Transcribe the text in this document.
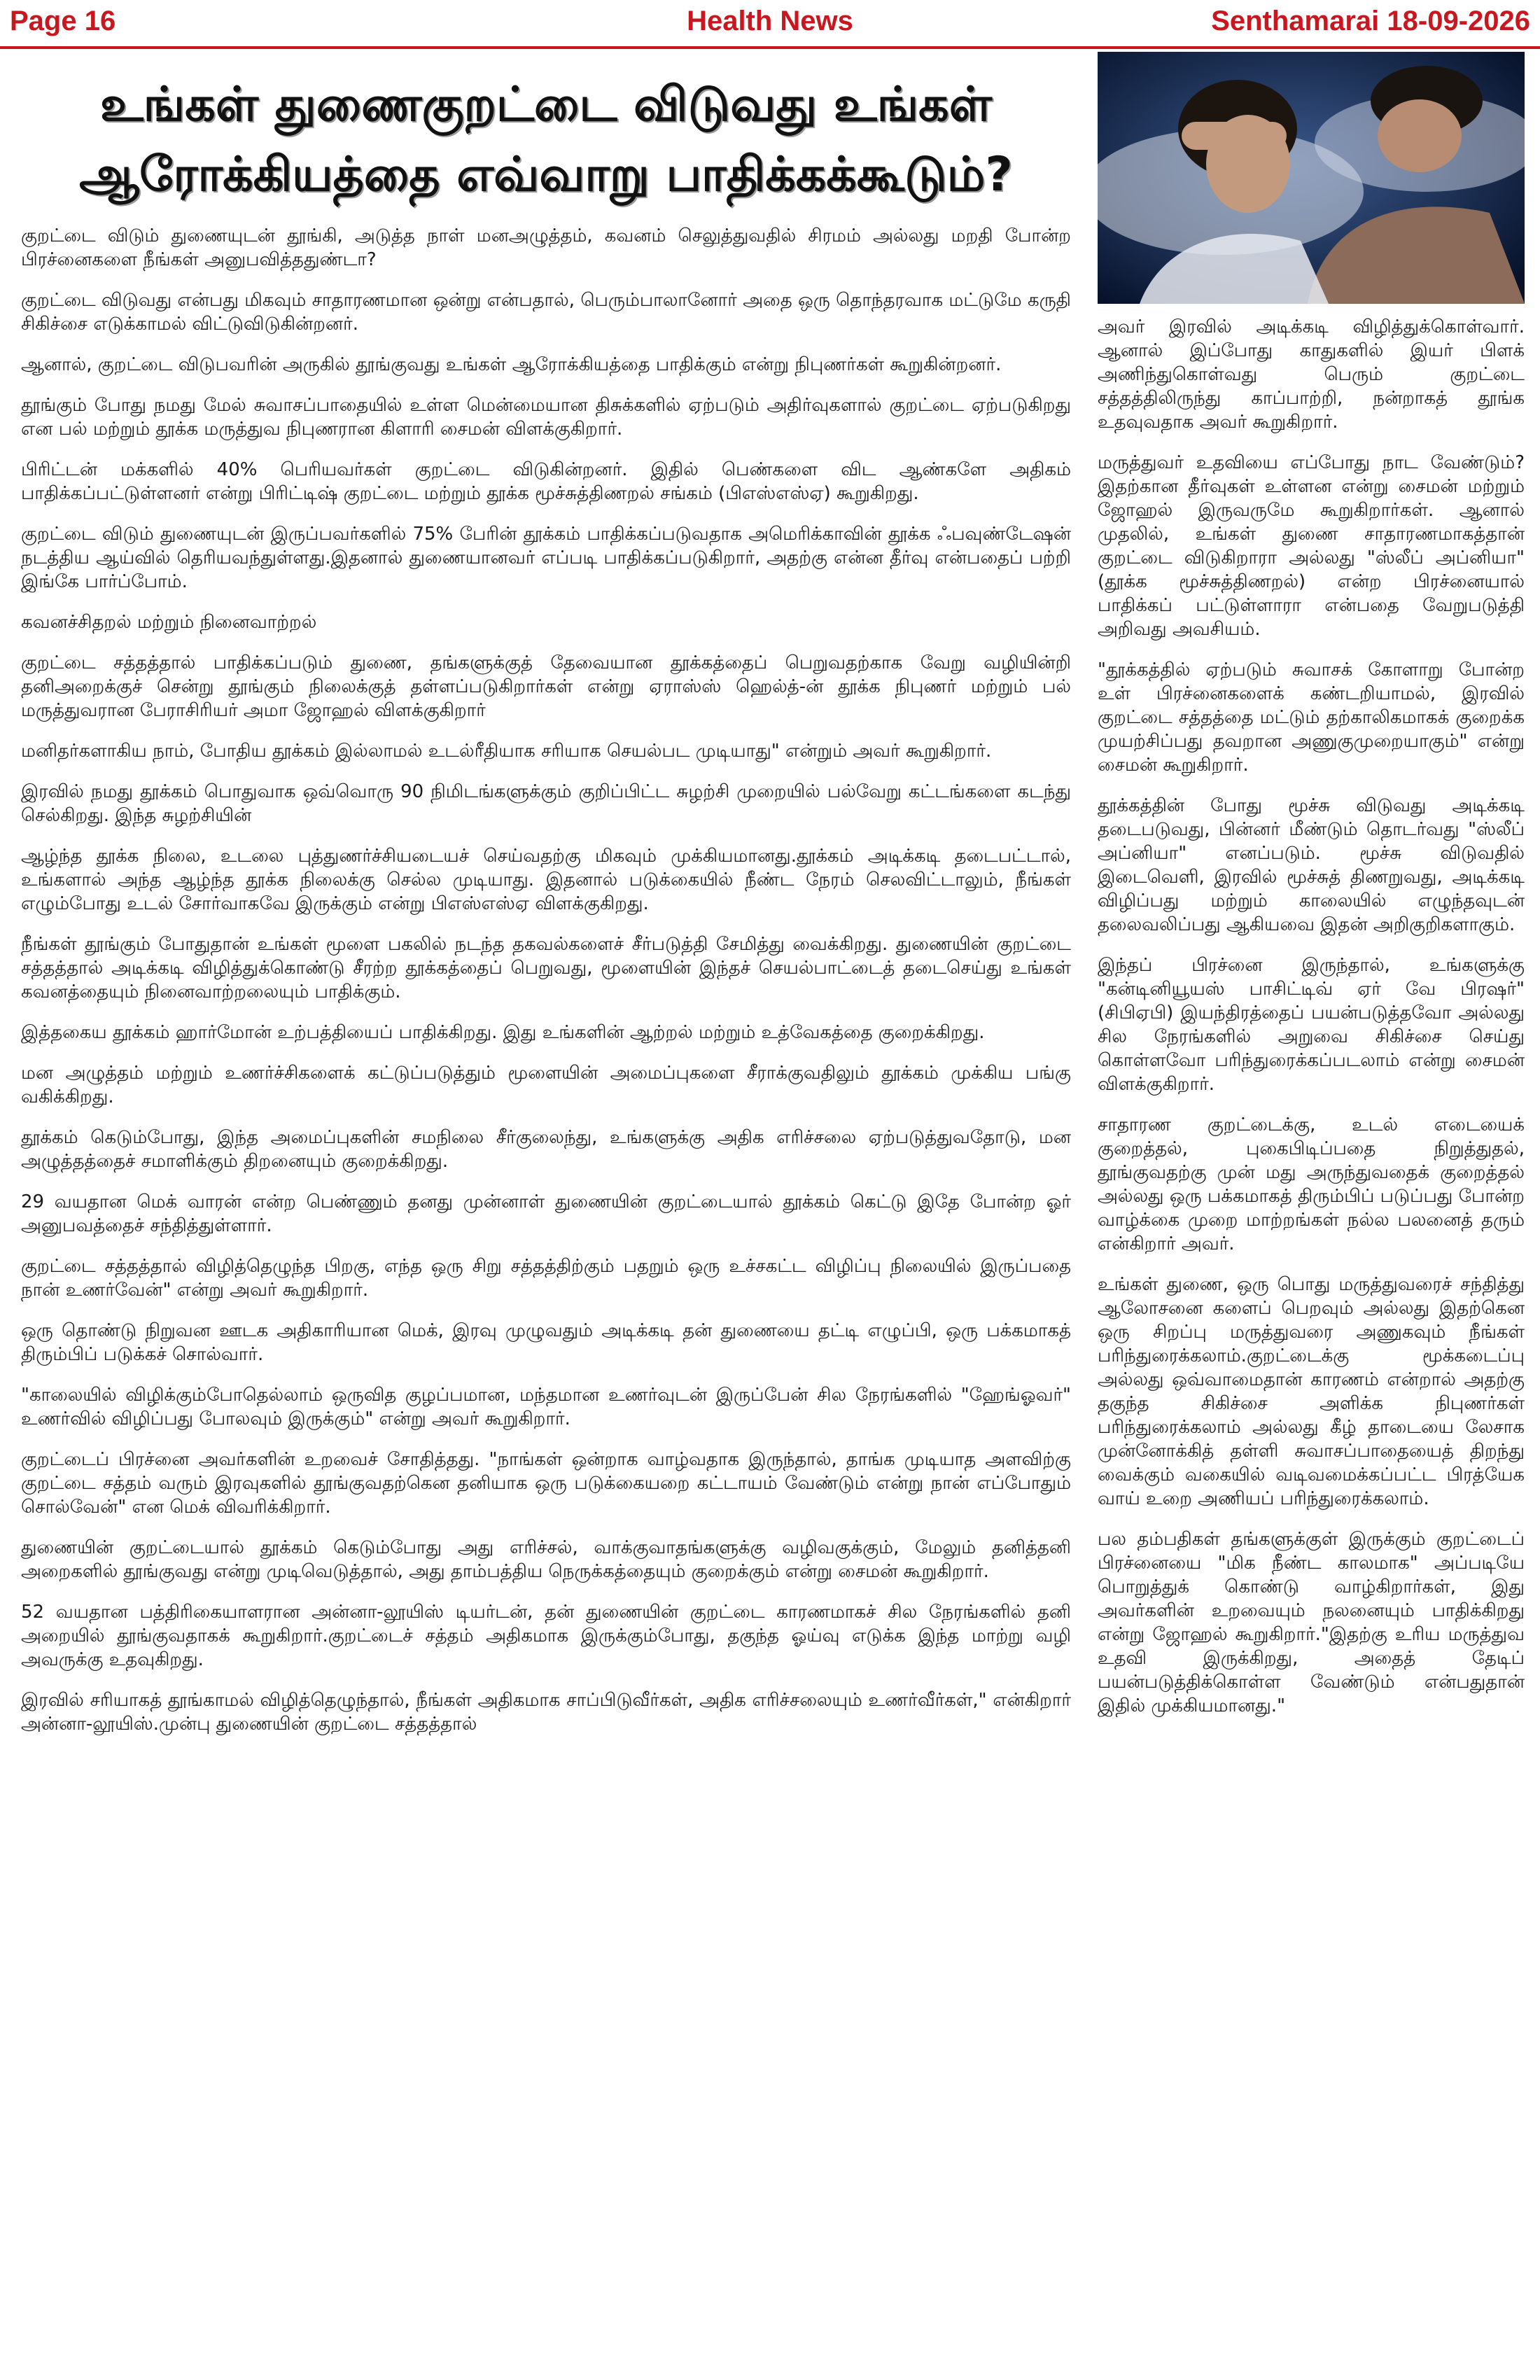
Health News
Page 16	Senthamarai 18-09-2026
உங்கள் துணைகுறட்டை விடுவது உங்கள்
ஆரோக்கியத்தை எவ்வாறு பாதிக்கக்கூடும்?

குறட்டை விடும் துணையுடன் தூங்கி, அடுத்த நாள் மனஅழுத்தம், கவனம் செலுத்துவதில் சிரமம் அல்லது மறதி போன்ற பிரச்னைகளை நீங்கள் அனுபவித்ததுண்டா?

குறட்டை விடுவது என்பது மிகவும் சாதாரணமான ஒன்று என்பதால், பெரும்பாலானோர் அதை ஒரு தொந்தரவாக மட்டுமே கருதி சிகிச்சை எடுக்காமல் விட்டுவிடுகின்றனர்.

ஆனால், குறட்டை விடுபவரின் அருகில் தூங்குவது உங்கள் ஆரோக்கியத்தை பாதிக்கும் என்று நிபுணர்கள் கூறுகின்றனர்.

தூங்கும் போது நமது மேல் சுவாசப்பாதையில் உள்ள மென்மையான திசுக்களில் ஏற்படும் அதிர்வுகளால் குறட்டை ஏற்படுகிறது என பல் மற்றும் தூக்க மருத்துவ நிபுணரான கிளாரி சைமன் விளக்குகிறார்.

பிரிட்டன் மக்களில் 40% பெரியவர்கள் குறட்டை விடுகின்றனர். இதில் பெண்களை விட ஆண்களே அதிகம் பாதிக்கப்பட்டுள்ளனர் என்று பிரிட்டிஷ் குறட்டை மற்றும் தூக்க மூச்சுத்திணறல் சங்கம் (பிஎஸ்எஸ்ஏ) கூறுகிறது.

குறட்டை விடும் துணையுடன் இருப்பவர்களில் 75% பேரின் தூக்கம் பாதிக்கப்படுவதாக அமெரிக்காவின் தூக்க ஃபவுண்டேஷன் நடத்திய ஆய்வில் தெரியவந்துள்ளது.இதனால் துணையானவர் எப்படி பாதிக்கப்படுகிறார், அதற்கு என்ன தீர்வு என்பதைப் பற்றி இங்கே பார்ப்போம்.

கவனச்சிதறல் மற்றும் நினைவாற்றல்

குறட்டை சத்தத்தால் பாதிக்கப்படும் துணை, தங்களுக்குத் தேவையான தூக்கத்தைப் பெறுவதற்காக வேறு வழியின்றி தனிஅறைக்குச் சென்று தூங்கும் நிலைக்குத் தள்ளப்படுகிறார்கள் என்று ஏராஸ்ஸ் ஹெல்த்-ன் தூக்க நிபுணர் மற்றும் பல் மருத்துவரான பேராசிரியர் அமா ஜோஹல் விளக்குகிறார்

மனிதர்களாகிய நாம், போதிய தூக்கம் இல்லாமல் உடல்ரீதியாக சரியாக செயல்பட முடியாது" என்றும் அவர் கூறுகிறார்.

இரவில் நமது தூக்கம் பொதுவாக ஒவ்வொரு 90 நிமிடங்களுக்கும் குறிப்பிட்ட சுழற்சி முறையில் பல்வேறு கட்டங்களை கடந்து செல்கிறது. இந்த சுழற்சியின்

ஆழ்ந்த தூக்க நிலை, உடலை புத்துணர்ச்சியடையச் செய்வதற்கு மிகவும் முக்கியமானது.தூக்கம் அடிக்கடி தடைபட்டால், உங்களால் அந்த ஆழ்ந்த தூக்க நிலைக்கு செல்ல முடியாது. இதனால் படுக்கையில் நீண்ட நேரம் செலவிட்டாலும், நீங்கள் எழும்போது உடல் சோர்வாகவே இருக்கும் என்று பிஎஸ்எஸ்ஏ விளக்குகிறது.

நீங்கள் தூங்கும் போதுதான் உங்கள் மூளை பகலில் நடந்த தகவல்களைச் சீர்படுத்தி சேமித்து வைக்கிறது. துணையின் குறட்டை சத்தத்தால் அடிக்கடி விழித்துக்கொண்டு சீரற்ற தூக்கத்தைப் பெறுவது, மூளையின் இந்தச் செயல்பாட்டைத் தடைசெய்து உங்கள் கவனத்தையும் நினைவாற்றலையும் பாதிக்கும்.

இத்தகைய தூக்கம் ஹார்மோன் உற்பத்தியைப் பாதிக்கிறது. இது உங்களின் ஆற்றல் மற்றும் உத்வேகத்தை குறைக்கிறது.

மன அழுத்தம் மற்றும் உணர்ச்சிகளைக் கட்டுப்படுத்தும் மூளையின் அமைப்புகளை சீராக்குவதிலும் தூக்கம் முக்கிய பங்கு வகிக்கிறது.

தூக்கம் கெடும்போது, இந்த அமைப்புகளின் சமநிலை சீர்குலைந்து, உங்களுக்கு அதிக எரிச்சலை ஏற்படுத்துவதோடு, மன அழுத்தத்தைச் சமாளிக்கும் திறனையும் குறைக்கிறது.

29 வயதான மெக் வாரன் என்ற பெண்ணும் தனது முன்னாள் துணையின் குறட்டையால் தூக்கம் கெட்டு இதே போன்ற ஓர் அனுபவத்தைச் சந்தித்துள்ளார்.

குறட்டை சத்தத்தால் விழித்தெழுந்த பிறகு, எந்த ஒரு சிறு சத்தத்திற்கும் பதறும் ஒரு உச்சகட்ட விழிப்பு நிலையில் இருப்பதை நான் உணர்வேன்" என்று அவர் கூறுகிறார்.

ஒரு தொண்டு நிறுவன ஊடக அதிகாரியான மெக், இரவு முழுவதும் அடிக்கடி தன் துணையை தட்டி எழுப்பி, ஒரு பக்கமாகத் திரும்பிப் படுக்கச் சொல்வார்.

"காலையில் விழிக்கும்போதெல்லாம் ஒருவித குழப்பமான, மந்தமான உணர்வுடன் இருப்பேன் சில நேரங்களில் "ஹேங்ஓவர்" உணர்வில் விழிப்பது போலவும் இருக்கும்" என்று அவர் கூறுகிறார்.

குறட்டைப் பிரச்னை அவர்களின் உறவைச் சோதித்தது. "நாங்கள் ஒன்றாக வாழ்வதாக இருந்தால், தாங்க முடியாத அளவிற்கு குறட்டை சத்தம் வரும் இரவுகளில் தூங்குவதற்கென தனியாக ஒரு படுக்கையறை கட்டாயம் வேண்டும் என்று நான் எப்போதும் சொல்வேன்" என மெக் விவரிக்கிறார்.

துணையின் குறட்டையால் தூக்கம் கெடும்போது அது எரிச்சல், வாக்குவாதங்களுக்கு வழிவகுக்கும், மேலும் தனித்தனி அறைகளில் தூங்குவது என்று முடிவெடுத்தால், அது தாம்பத்திய நெருக்கத்தையும் குறைக்கும் என்று சைமன் கூறுகிறார்.

52 வயதான பத்திரிகையாளரான அன்னா-லூயிஸ் டியர்டன், தன் துணையின் குறட்டை காரணமாகச் சில நேரங்களில் தனி அறையில் தூங்குவதாகக் கூறுகிறார்.குறட்டைச் சத்தம் அதிகமாக இருக்கும்போது, தகுந்த ஓய்வு எடுக்க இந்த மாற்று வழி அவருக்கு உதவுகிறது.

இரவில் சரியாகத் தூங்காமல் விழித்தெழுந்தால், நீங்கள் அதிகமாக சாப்பிடுவீர்கள், அதிக எரிச்சலையும் உணர்வீர்கள்," என்கிறார் அன்னா-லூயிஸ்.முன்பு துணையின் குறட்டை சத்தத்தால்

அவர் இரவில் அடிக்கடி விழித்துக்கொள்வார். ஆனால் இப்போது காதுகளில் இயர் பிளக் அணிந்துகொள்வது பெரும் குறட்டை சத்தத்திலிருந்து காப்பாற்றி, நன்றாகத் தூங்க உதவுவதாக அவர் கூறுகிறார்.

மருத்துவர் உதவியை எப்போது நாட வேண்டும்? இதற்கான தீர்வுகள் உள்ளன என்று சைமன் மற்றும் ஜோஹல் இருவருமே கூறுகிறார்கள். ஆனால் முதலில், உங்கள் துணை சாதாரணமாகத்தான் குறட்டை விடுகிறாரா அல்லது "ஸ்லீப் அப்னியா" (தூக்க மூச்சுத்திணறல்) என்ற பிரச்னையால் பாதிக்கப் பட்டுள்ளாரா என்பதை வேறுபடுத்தி அறிவது அவசியம்.

"தூக்கத்தில் ஏற்படும் சுவாசக் கோளாறு போன்ற உள் பிரச்னைகளைக் கண்டறியாமல், இரவில் குறட்டை சத்தத்தை மட்டும் தற்காலிகமாகக் குறைக்க முயற்சிப்பது தவறான அணுகுமுறையாகும்" என்று சைமன் கூறுகிறார்.

தூக்கத்தின் போது மூச்சு விடுவது அடிக்கடி தடைபடுவது, பின்னர் மீண்டும் தொடர்வது "ஸ்லீப் அப்னியா" எனப்படும். மூச்சு விடுவதில் இடைவெளி, இரவில் மூச்சுத் திணறுவது, அடிக்கடி விழிப்பது மற்றும் காலையில் எழுந்தவுடன் தலைவலிப்பது ஆகியவை இதன் அறிகுறிகளாகும்.

இந்தப் பிரச்னை இருந்தால், உங்களுக்கு "கன்டினியூயஸ் பாசிட்டிவ் ஏர் வே பிரஷர்" (சிபிஏபி) இயந்திரத்தைப் பயன்படுத்தவோ அல்லது சில நேரங்களில் அறுவை சிகிச்சை செய்து கொள்ளவோ பரிந்துரைக்கப்படலாம் என்று சைமன் விளக்குகிறார்.

சாதாரண குறட்டைக்கு, உடல் எடையைக் குறைத்தல், புகைபிடிப்பதை நிறுத்துதல், தூங்குவதற்கு முன் மது அருந்துவதைக் குறைத்தல் அல்லது ஒரு பக்கமாகத் திரும்பிப் படுப்பது போன்ற வாழ்க்கை முறை மாற்றங்கள் நல்ல பலனைத் தரும் என்கிறார் அவர்.

உங்கள் துணை, ஒரு பொது மருத்துவரைச் சந்தித்து ஆலோசனை களைப் பெறவும் அல்லது இதற்கென ஒரு சிறப்பு மருத்துவரை அணுகவும் நீங்கள் பரிந்துரைக்கலாம்.குறட்டைக்கு மூக்கடைப்பு அல்லது ஒவ்வாமைதான் காரணம் என்றால் அதற்கு தகுந்த சிகிச்சை அளிக்க நிபுணர்கள் பரிந்துரைக்கலாம் அல்லது கீழ் தாடையை லேசாக முன்னோக்கித் தள்ளி சுவாசப்பாதையைத் திறந்து வைக்கும் வகையில் வடிவமைக்கப்பட்ட பிரத்யேக வாய் உறை அணியப் பரிந்துரைக்கலாம்.

பல தம்பதிகள் தங்களுக்குள் இருக்கும் குறட்டைப் பிரச்னையை "மிக நீண்ட காலமாக" அப்படியே பொறுத்துக் கொண்டு வாழ்கிறார்கள், இது அவர்களின் உறவையும் நலனையும் பாதிக்கிறது என்று ஜோஹல் கூறுகிறார்."இதற்கு உரிய மருத்துவ உதவி இருக்கிறது, அதைத் தேடிப் பயன்படுத்திக்கொள்ள வேண்டும் என்பதுதான் இதில் முக்கியமானது."
